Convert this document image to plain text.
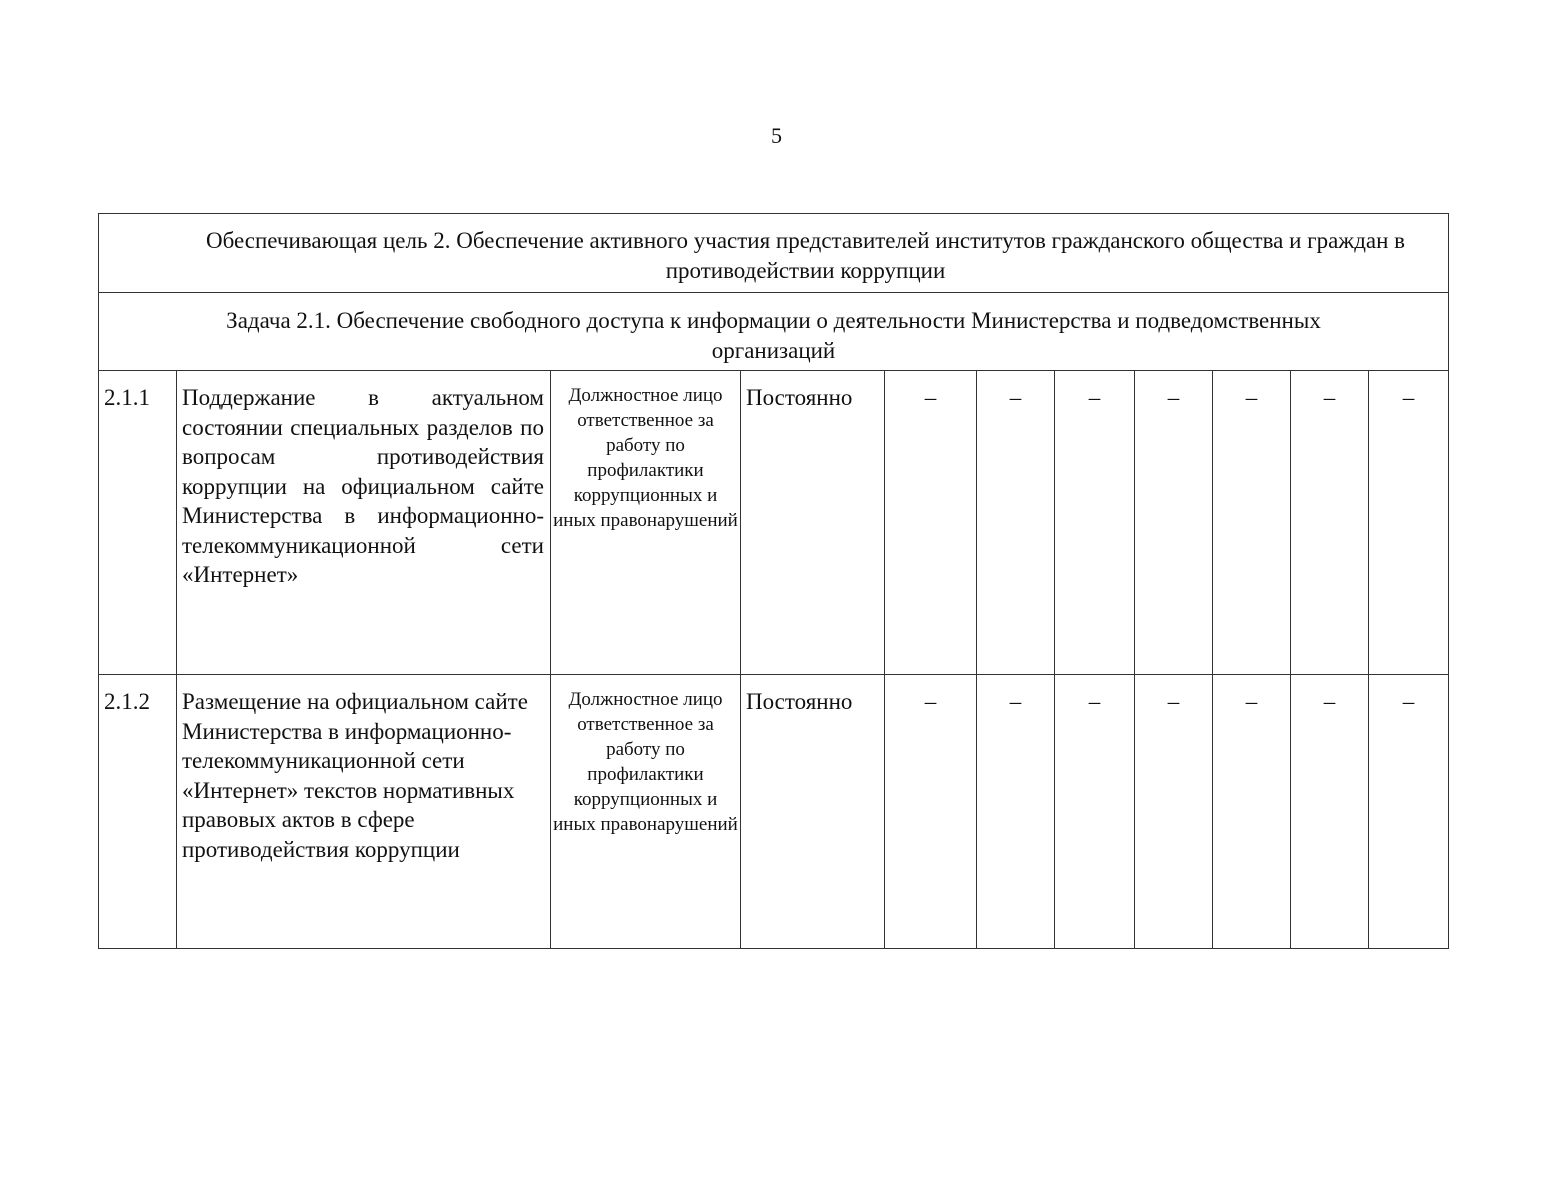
5
Обеспечивающая цель 2. Обеспечение активного участия представителей институтов гражданского общества и граждан в противодействии коррупции										
Задача 2.1. Обеспечение свободного доступа к информации о деятельности Министерства и подведомственных организаций										
2.1.1	Поддержание в актуальном состоянии специальных разделов по вопросам противодействия коррупции на официальном сайте Министерства в информационно-телекоммуникационной сети «Интернет»	Должностное лицо ответственное за работу по профилактики коррупционных и иных правонарушений	Постоянно	–	–	–	–	–	–	–
2.1.2	Размещение на официальном сайте Министерства в информационно-телекоммуникационной сети «Интернет» текстов нормативных правовых актов в сфере противодействия коррупции	Должностное лицо ответственное за работу по профилактики коррупционных и иных правонарушений	Постоянно	–	–	–	–	–	–	–
